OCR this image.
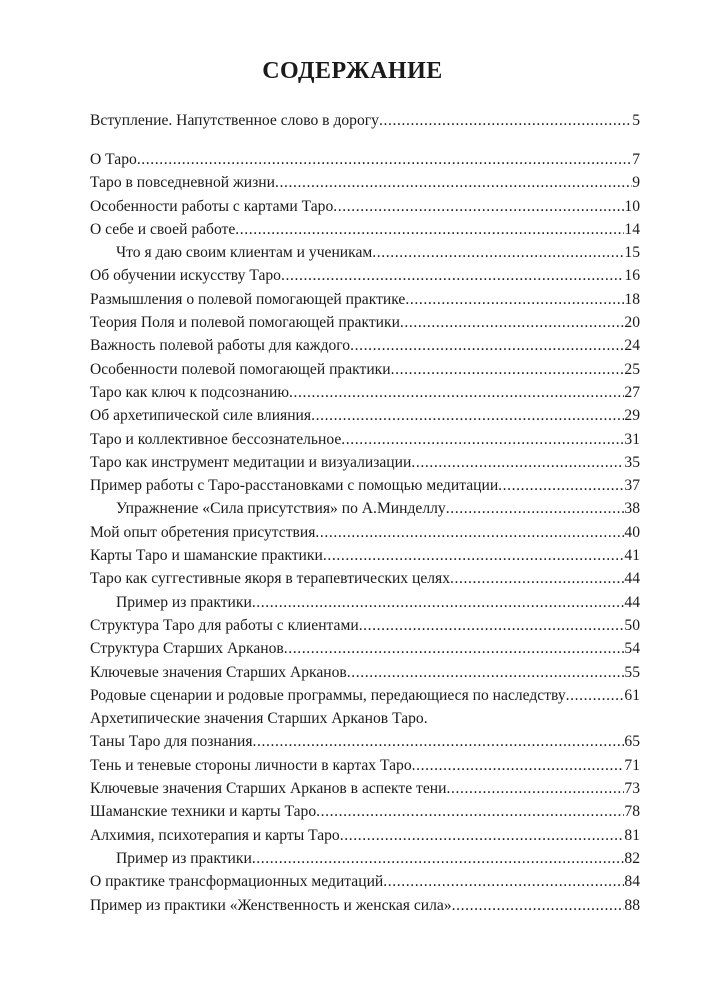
СОДЕРЖАНИЕ
Вступление. Напутственное слово в дорогу .....	5
О Таро .....	7
Таро в повседневной жизни .....	9
Особенности работы с картами Таро .....	10
О себе и своей работе .....	14
Что я даю своим клиентам и ученикам .....	15
Об обучении искусству Таро .....	16
Размышления о полевой помогающей практике .....	18
Теория Поля и полевой помогающей практики .....	20
Важность полевой работы для каждого .....	24
Особенности полевой помогающей практики .....	25
Таро как ключ к подсознанию .....	27
Об архетипической силе влияния .....	29
Таро и коллективное бессознательное .....	31
Таро как инструмент медитации и визуализации .....	35
Пример работы с Таро-расстановками с помощью медитации .....	37
Упражнение «Сила присутствия» по А.Минделлу .....	38
Мой опыт обретения присутствия .....	40
Карты Таро и шаманские практики .....	41
Таро как суггестивные якоря в терапевтических целях .....	44
Пример из практики .....	44
Структура Таро для работы с клиентами .....	50
Структура Старших Арканов .....	54
Ключевые значения Старших Арканов .....	55
Родовые сценарии и родовые программы, передающиеся по наследству .....	61
Архетипические значения Старших Арканов Таро.
Таны Таро для познания .....	65
Тень и теневые стороны личности в картах Таро .....	71
Ключевые значения Старших Арканов в аспекте тени .....	73
Шаманские техники и карты Таро .....	78
Алхимия, психотерапия и карты Таро .....	81
Пример из практики .....	82
О практике трансформационных медитаций .....	84
Пример из практики «Женственность и женская сила» .....	88
